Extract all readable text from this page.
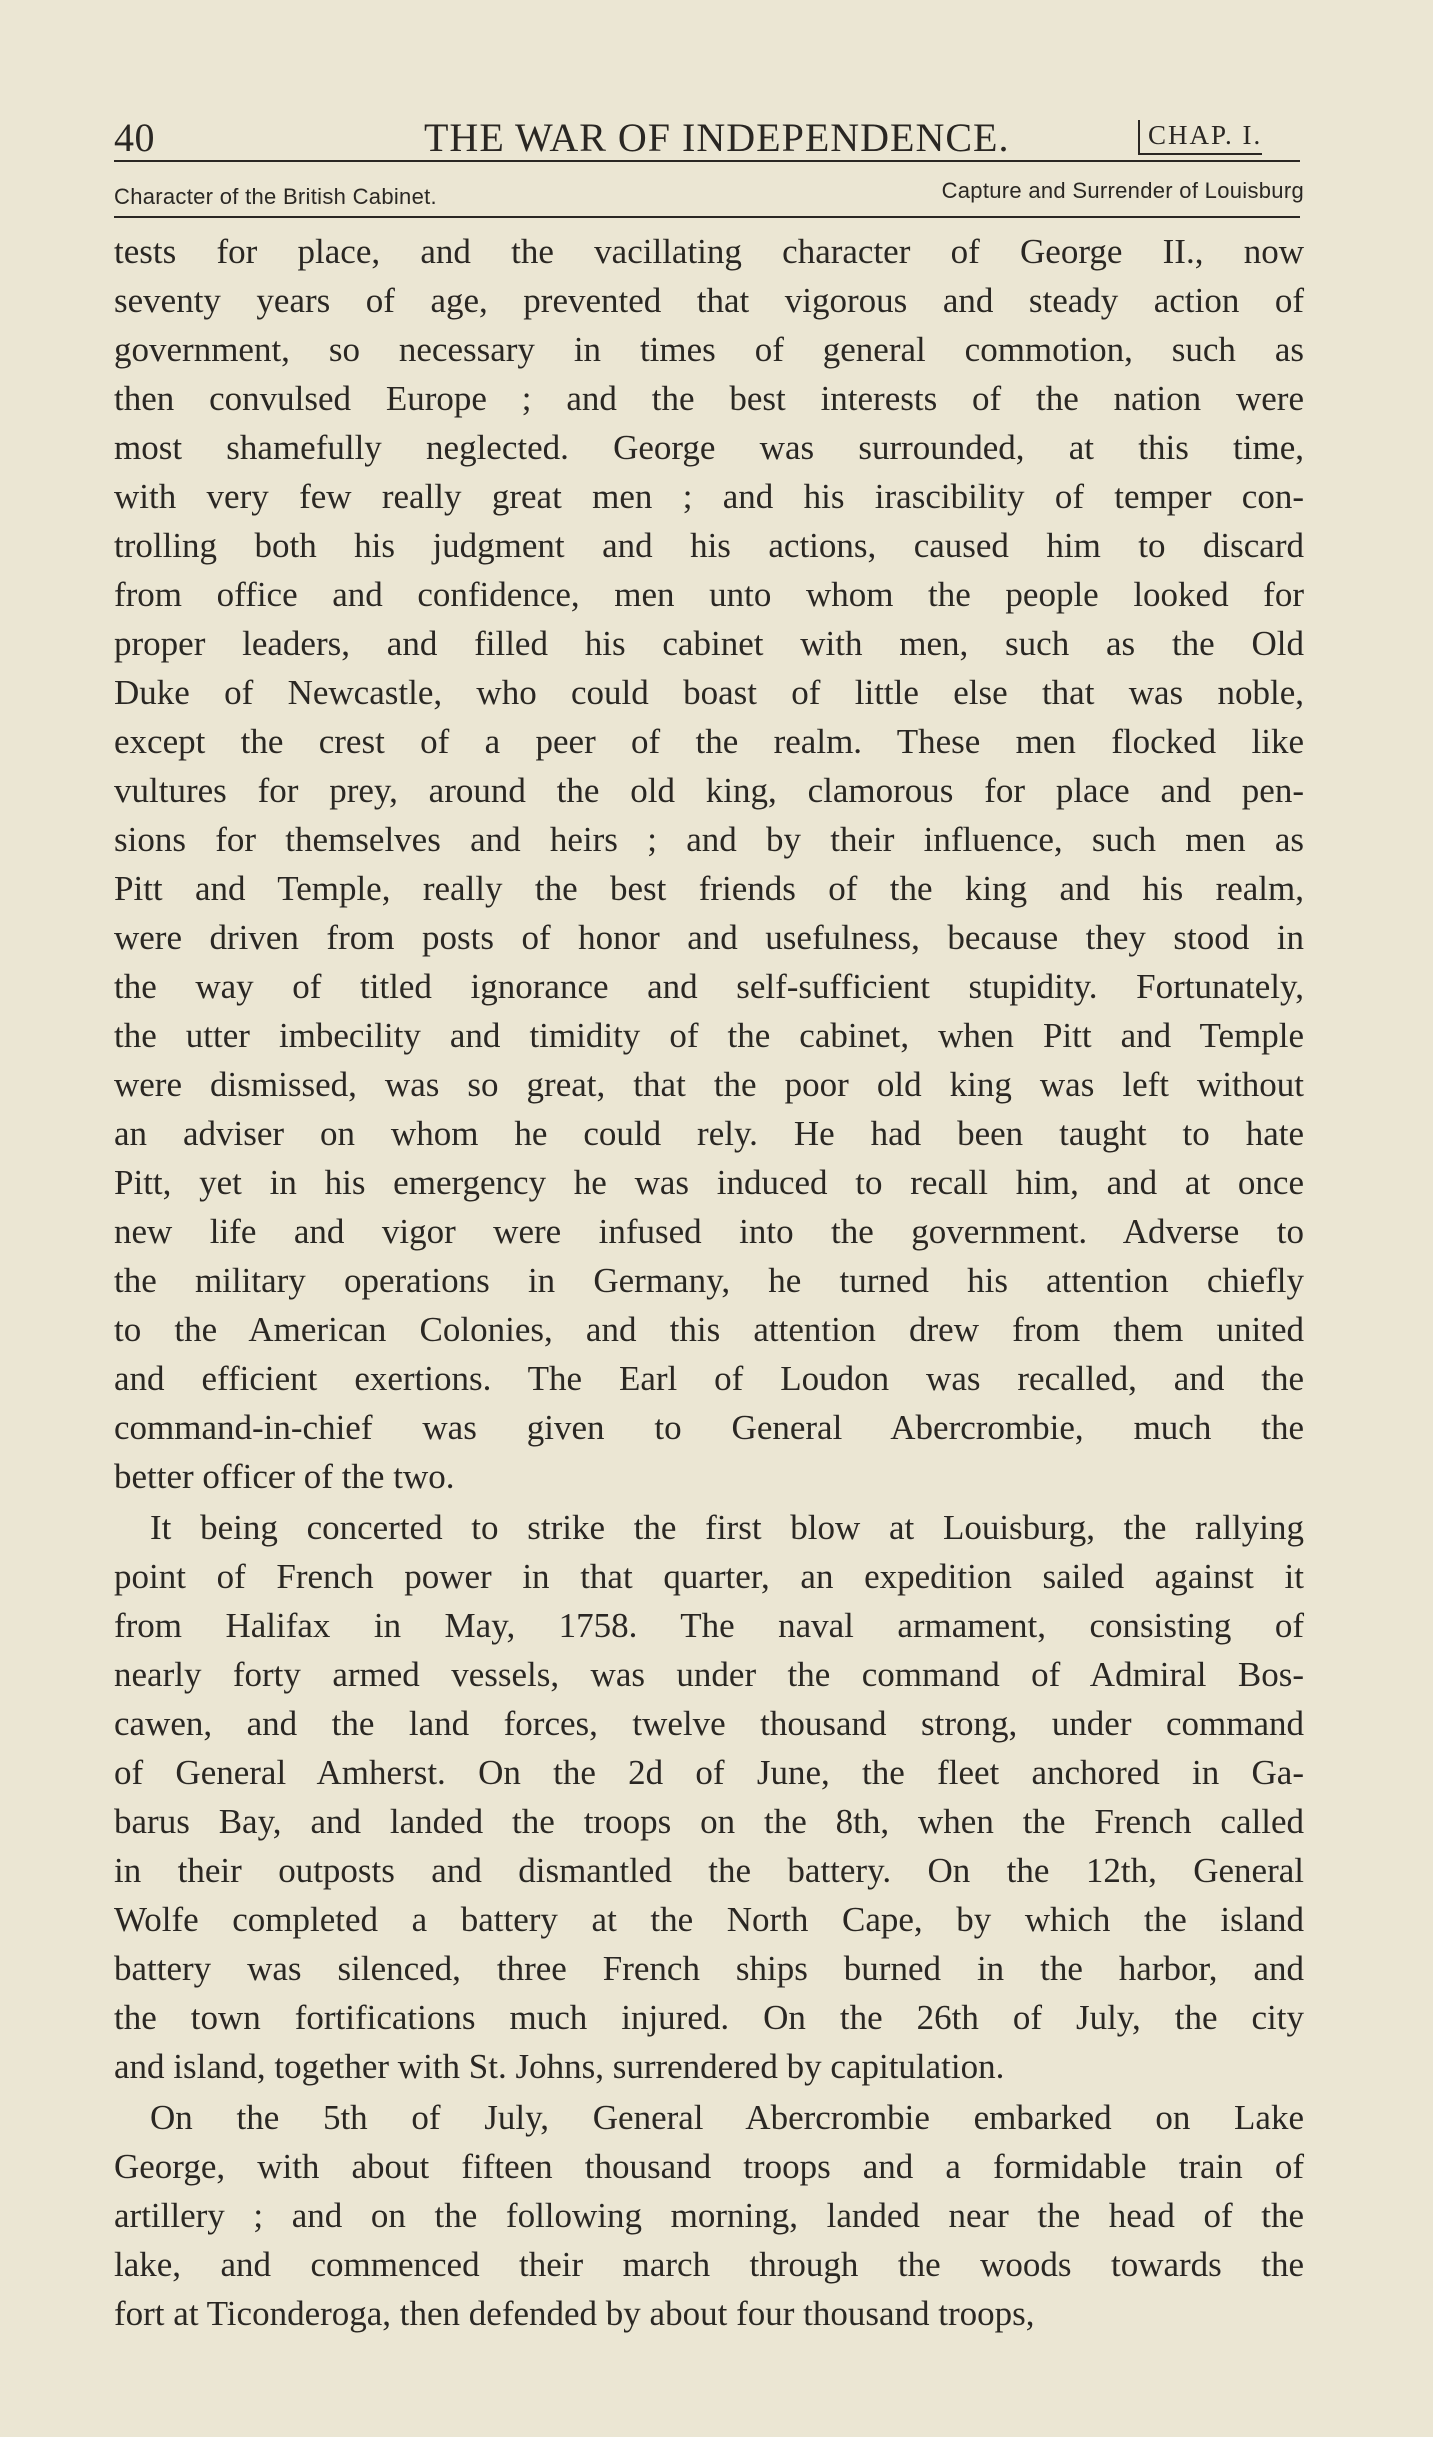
40	THE WAR OF INDEPENDENCE.	CHAP. I.
Character of the British Cabinet.	Capture and Surrender of Louisburg
tests for place, and the vacillating character of George II., now
seventy years of age, prevented that vigorous and steady action of
government, so necessary in times of general commotion, such as
then convulsed Europe ; and the best interests of the nation were
most shamefully neglected. George was surrounded, at this time,
with very few really great men ; and his irascibility of temper con-
trolling both his judgment and his actions, caused him to discard
from office and confidence, men unto whom the people looked for
proper leaders, and filled his cabinet with men, such as the Old
Duke of Newcastle, who could boast of little else that was noble,
except the crest of a peer of the realm. These men flocked like
vultures for prey, around the old king, clamorous for place and pen-
sions for themselves and heirs ; and by their influence, such men as
Pitt and Temple, really the best friends of the king and his realm,
were driven from posts of honor and usefulness, because they stood in
the way of titled ignorance and self-sufficient stupidity. Fortunately,
the utter imbecility and timidity of the cabinet, when Pitt and Temple
were dismissed, was so great, that the poor old king was left without
an adviser on whom he could rely. He had been taught to hate
Pitt, yet in his emergency he was induced to recall him, and at once
new life and vigor were infused into the government. Adverse to
the military operations in Germany, he turned his attention chiefly
to the American Colonies, and this attention drew from them united
and efficient exertions. The Earl of Loudon was recalled, and the
command-in-chief was given to General Abercrombie, much the
better officer of the two.
It being concerted to strike the first blow at Louisburg, the rallying
point of French power in that quarter, an expedition sailed against it
from Halifax in May, 1758. The naval armament, consisting of
nearly forty armed vessels, was under the command of Admiral Bos-
cawen, and the land forces, twelve thousand strong, under command
of General Amherst. On the 2d of June, the fleet anchored in Ga-
barus Bay, and landed the troops on the 8th, when the French called
in their outposts and dismantled the battery. On the 12th, General
Wolfe completed a battery at the North Cape, by which the island
battery was silenced, three French ships burned in the harbor, and
the town fortifications much injured. On the 26th of July, the city
and island, together with St. Johns, surrendered by capitulation.
On the 5th of July, General Abercrombie embarked on Lake
George, with about fifteen thousand troops and a formidable train of
artillery ; and on the following morning, landed near the head of the
lake, and commenced their march through the woods towards the
fort at Ticonderoga, then defended by about four thousand troops,
